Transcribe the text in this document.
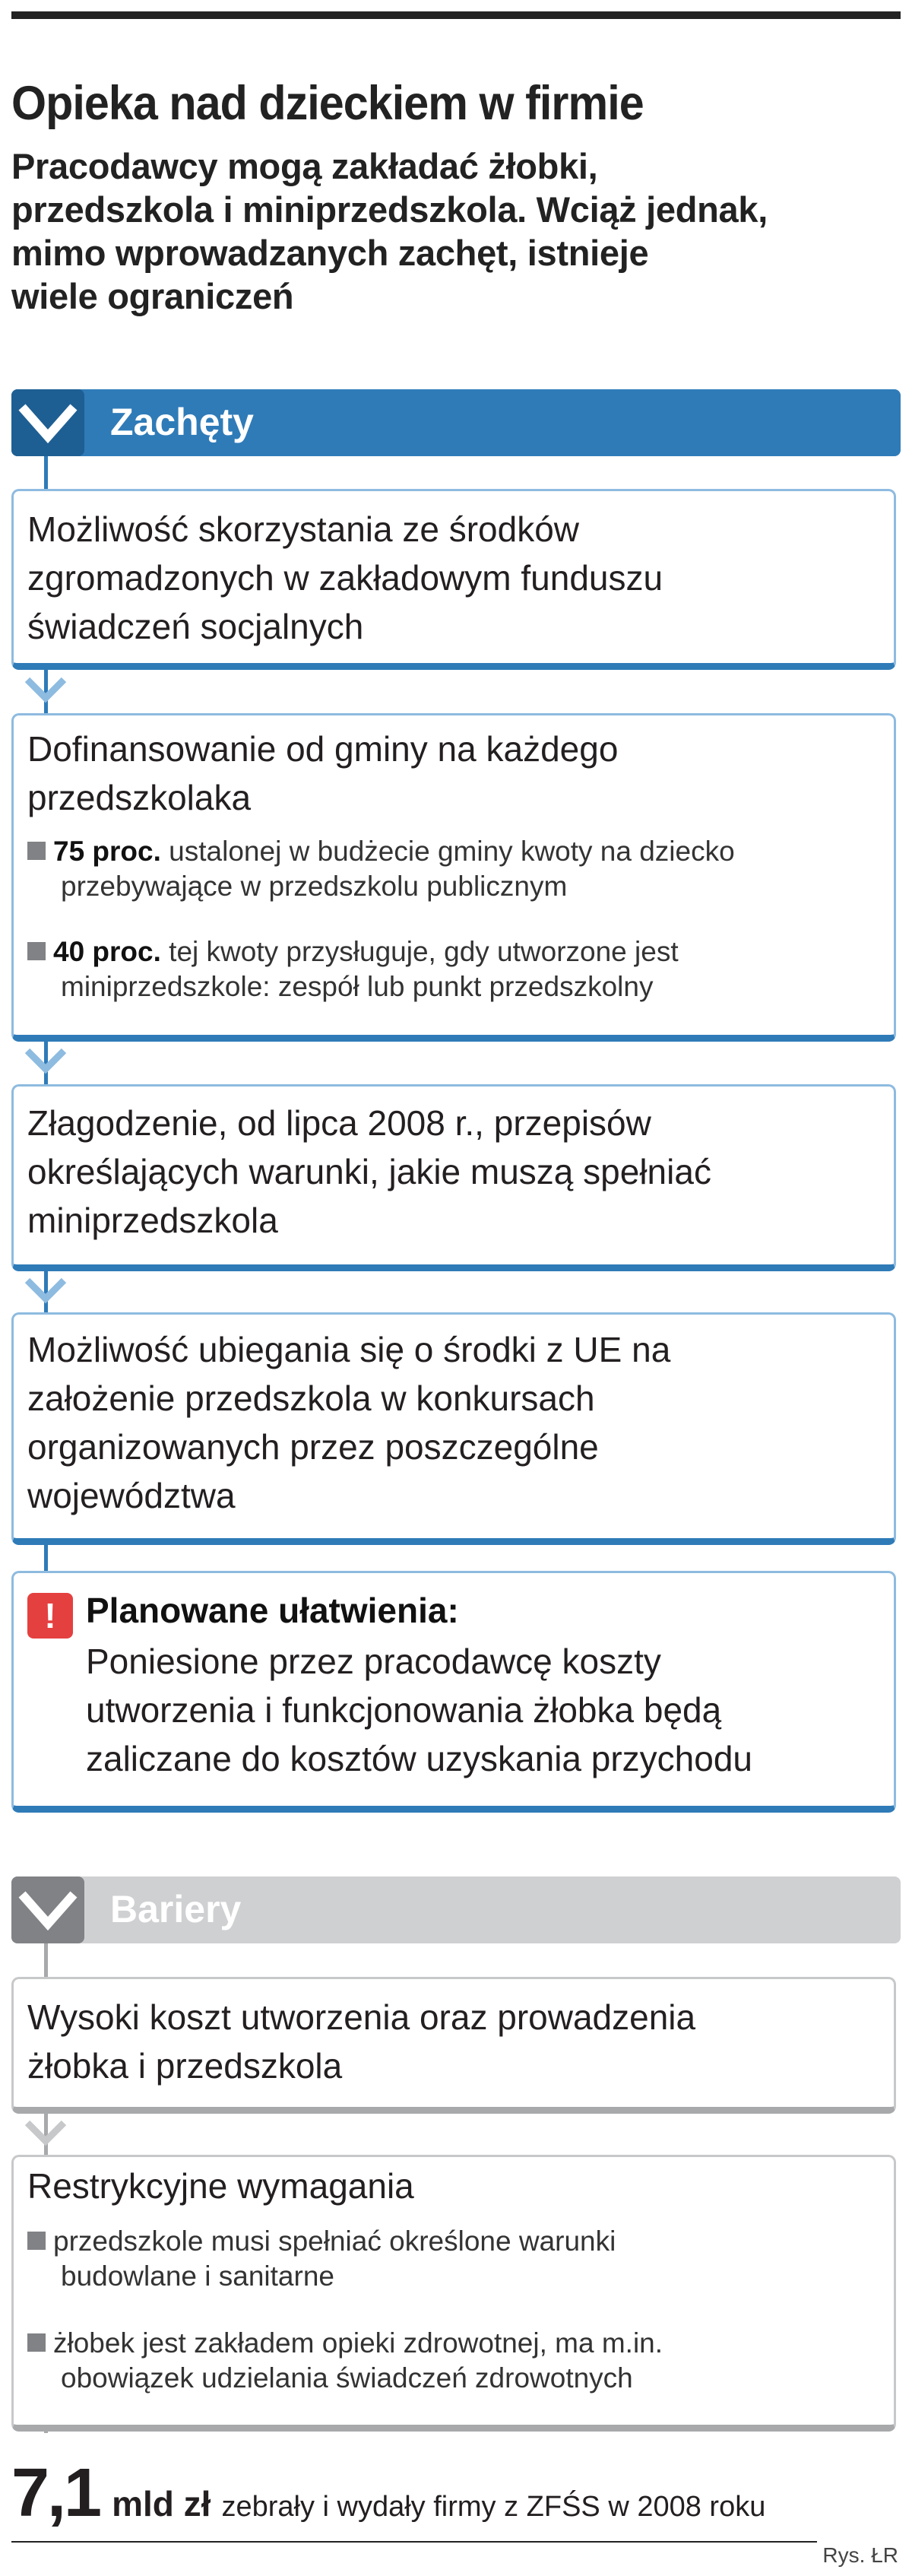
Opieka nad dzieckiem w firmie
Pracodawcy mogą zakładać żłobki,
przedszkola i miniprzedszkola. Wciąż jednak,
mimo wprowadzanych zachęt, istnieje
wiele ograniczeń
Zachęty
Możliwość skorzystania ze środków
zgromadzonych w zakładowym funduszu
świadczeń socjalnych
Dofinansowanie od gminy na każdego
przedszkolaka
75 proc. ustalonej w budżecie gminy kwoty na dziecko
przebywające w przedszkolu publicznym
40 proc. tej kwoty przysługuje, gdy utworzone jest
miniprzedszkole: zespół lub punkt przedszkolny
Złagodzenie, od lipca 2008 r., przepisów
określających warunki, jakie muszą spełniać
miniprzedszkola
Możliwość ubiegania się o środki z UE na
założenie przedszkola w konkursach
organizowanych przez poszczególne
województwa
! Planowane ułatwienia:
Poniesione przez pracodawcę koszty
utworzenia i funkcjonowania żłobka będą
zaliczane do kosztów uzyskania przychodu
Bariery
Wysoki koszt utworzenia oraz prowadzenia
żłobka i przedszkola
Restrykcyjne wymagania
przedszkole musi spełniać określone warunki
budowlane i sanitarne
żłobek jest zakładem opieki zdrowotnej, ma m.in.
obowiązek udzielania świadczeń zdrowotnych
7,1 mld zł zebrały i wydały firmy z ZFŚS w 2008 roku
Rys. ŁR
